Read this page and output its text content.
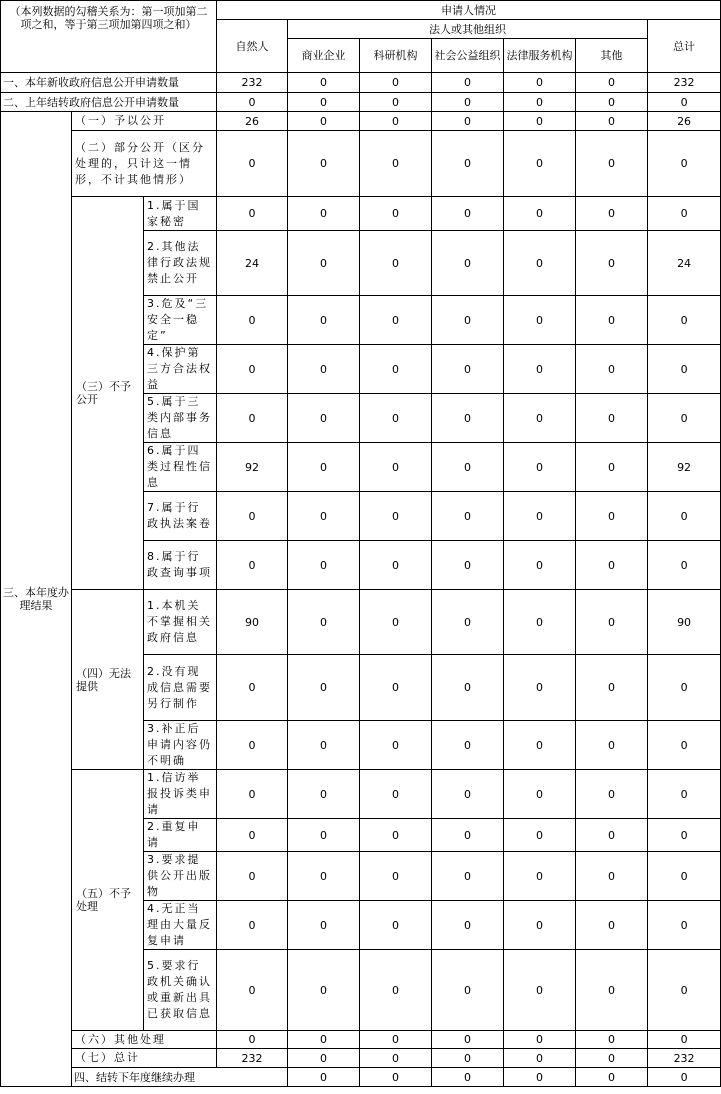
（本列数据的勾稽关系为：第一项加第二项之和，等于第三项加第四项之和）			申请人情况							
			自然人	法人或其他组织					总计	
				商业企业	科研机构	社会公益组织	法律服务机构	其他		
一、本年新收政府信息公开申请数量			232	0	0	0	0	0	232	
二、上年结转政府信息公开申请数量			0	0	0	0	0	0	0	
三、本年度办理结果	（一）予以公开		26	0	0	0	0	0	26	
	（二）部分公开（区分处理的，只计这一情形，不计其他情形）		0	0	0	0	0	0	0	
	（三）不予公开	1.属于国家秘密	0	0	0	0	0	0	0	
		2.其他法律行政法规禁止公开	24	0	0	0	0	0	24	
		3.危及“三安全一稳定”	0	0	0	0	0	0	0	
		4.保护第三方合法权益	0	0	0	0	0	0	0	
		5.属于三类内部事务信息	0	0	0	0	0	0	0	
		6.属于四类过程性信息	92	0	0	0	0	0	92	
		7.属于行政执法案卷	0	0	0	0	0	0	0	
		8.属于行政查询事项	0	0	0	0	0	0	0	
	（四）无法提供	1.本机关不掌握相关政府信息	90	0	0	0	0	0	90	
		2.没有现成信息需要另行制作	0	0	0	0	0	0	0	
		3.补正后申请内容仍不明确	0	0	0	0	0	0	0	
	（五）不予处理	1.信访举报投诉类申请	0	0	0	0	0	0	0	
		2.重复申请	0	0	0	0	0	0	0	
		3.要求提供公开出版物	0	0	0	0	0	0	0	
		4.无正当理由大量反复申请	0	0	0	0	0	0	0	
		5.要求行政机关确认或重新出具已获取信息	0	0	0	0	0	0	0	
	（六）其他处理		0	0	0	0	0	0	0	
	（七）总计		232	0	0	0	0	0	232	
	四、结转下年度继续办理			0	0	0	0	0	0	
